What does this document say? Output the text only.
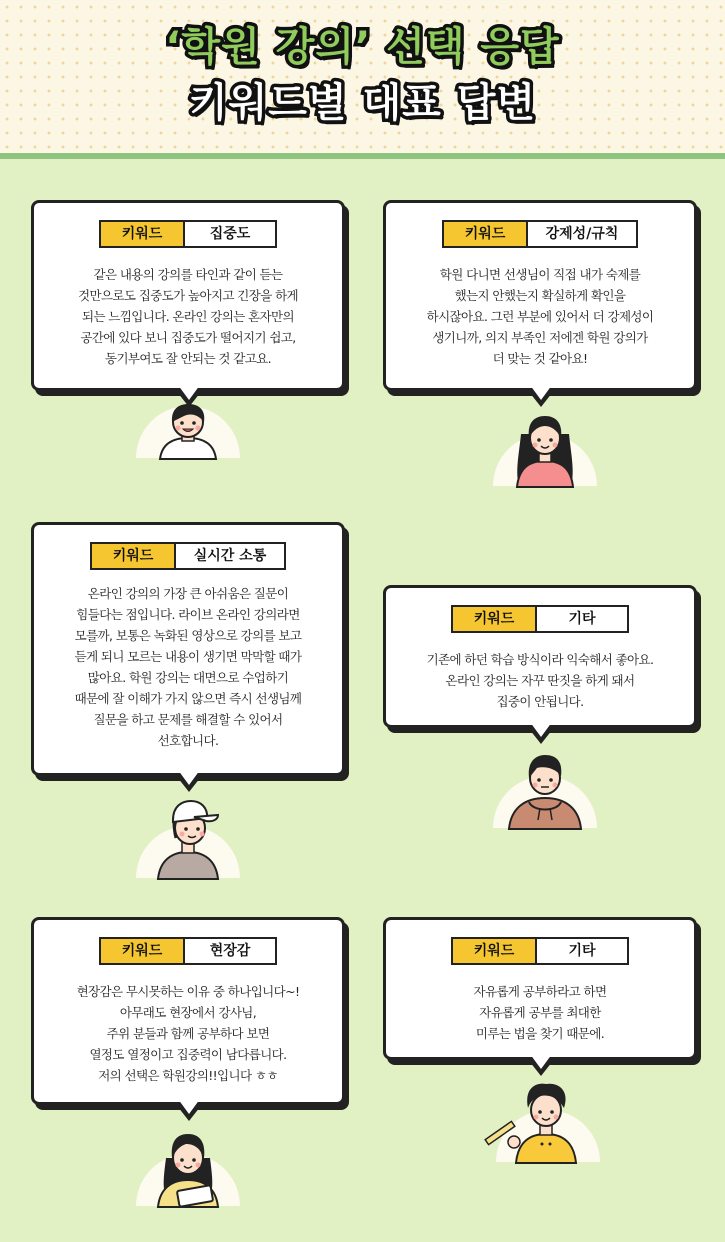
‘학원 강의’ 선택 응답
키워드별 대표 답변
키워드	집중도
같은 내용의 강의를 타인과 같이 듣는
것만으로도 집중도가 높아지고 긴장을 하게
되는 느낌입니다. 온라인 강의는 혼자만의
공간에 있다 보니 집중도가 떨어지기 쉽고,
동기부여도 잘 안되는 것 같고요.
키워드	강제성/규칙
학원 다니면 선생님이 직접 내가 숙제를
했는지 안했는지 확실하게 확인을
하시잖아요. 그런 부분에 있어서 더 강제성이
생기니까, 의지 부족인 저에겐 학원 강의가
더 맞는 것 같아요!
키워드	실시간 소통
온라인 강의의 가장 큰 아쉬움은 질문이
힘들다는 점입니다. 라이브 온라인 강의라면
모를까, 보통은 녹화된 영상으로 강의를 보고
듣게 되니 모르는 내용이 생기면 막막할 때가
많아요. 학원 강의는 대면으로 수업하기
때문에 잘 이해가 가지 않으면 즉시 선생님께
질문을 하고 문제를 해결할 수 있어서
선호합니다.
키워드	기타
기존에 하던 학습 방식이라 익숙해서 좋아요.
온라인 강의는 자꾸 딴짓을 하게 돼서
집중이 안됩니다.
키워드	현장감
현장감은 무시못하는 이유 중 하나입니다~!
아무래도 현장에서 강사님,
주위 분들과 함께 공부하다 보면
열정도 열정이고 집중력이 남다릅니다.
저의 선택은 학원강의!!입니다 ㅎㅎ
키워드	기타
자유롭게 공부하라고 하면
자유롭게 공부를 최대한
미루는 법을 찾기 때문에.
